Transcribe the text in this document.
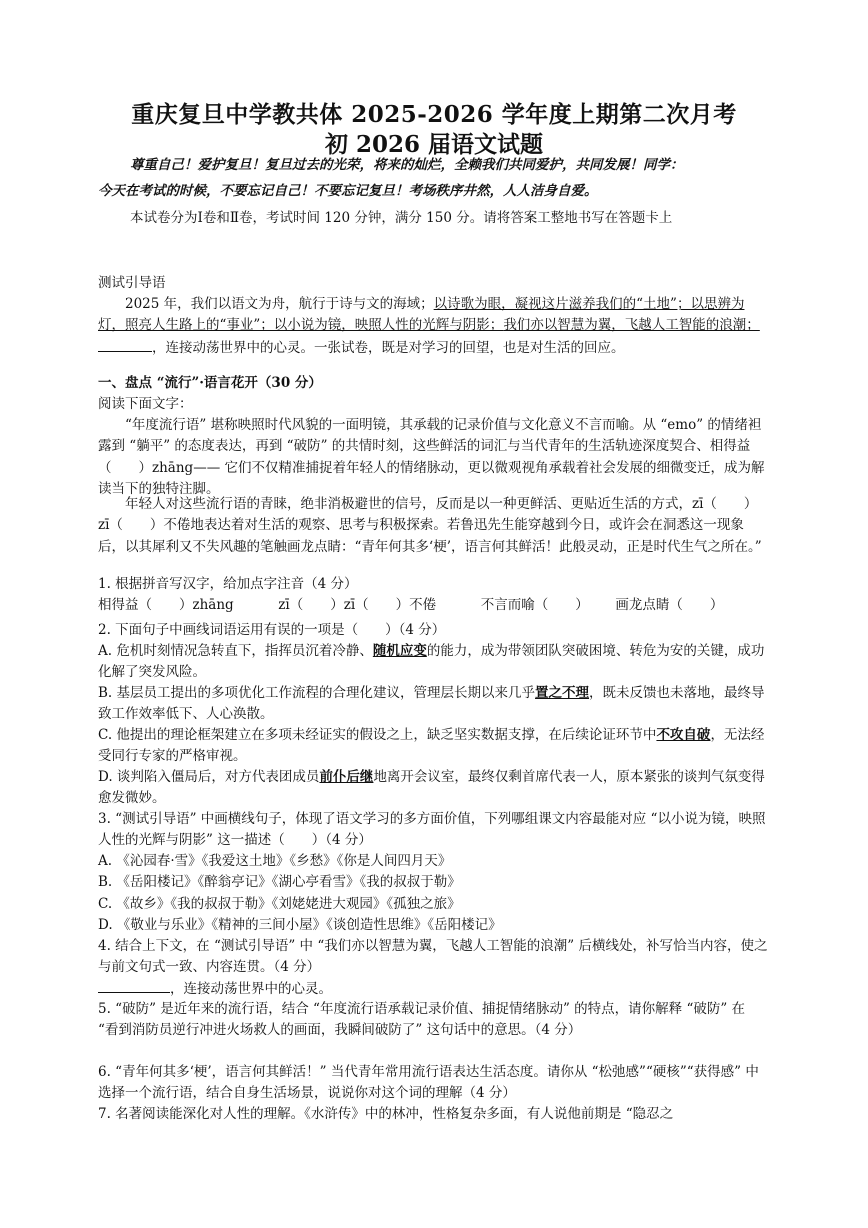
重庆复旦中学教共体 2025-2026 学年度上期第二次月考
初 2026 届语文试题
尊重自己！爱护复旦！复旦过去的光荣，将来的灿烂，全赖我们共同爱护，共同发展！同学：
今天在考试的时候，不要忘记自己！不要忘记复旦！考场秩序井然，人人洁身自爱。
本试卷分为Ⅰ卷和Ⅱ卷，考试时间 120 分钟，满分 150 分。请将答案工整地书写在答题卡上
测试引导语
2025 年，我们以语文为舟，航行于诗与文的海域；以诗歌为眼，凝视这片滋养我们的“土地”；以思辨为灯，照亮人生路上的“事业”；以小说为镜，映照人性的光辉与阴影；我们亦以智慧为翼，飞越人工智能的浪潮；，连接动荡世界中的心灵。一张试卷，既是对学习的回望，也是对生活的回应。
一、盘点 “流行”·语言花开（30 分）
阅读下面文字：
“年度流行语” 堪称映照时代风貌的一面明镜，其承载的记录价值与文化意义不言而喻。从 “emo” 的情绪袒露到 “躺平” 的态度表达，再到 “破防” 的共情时刻，这些鲜活的词汇与当代青年的生活轨迹深度契合、相得益（　　）zhāng—— 它们不仅精准捕捉着年轻人的情绪脉动，更以微观视角承载着社会发展的细微变迁，成为解读当下的独特注脚。
年轻人对这些流行语的青睐，绝非消极避世的信号，反而是以一种更鲜活、更贴近生活的方式，zī（　　）zī（　　）不倦地表达着对生活的观察、思考与积极探索。若鲁迅先生能穿越到今日，或许会在洞悉这一现象后，以其犀利又不失风趣的笔触画龙点睛：“青年何其多‘梗’，语言何其鲜活！此般灵动，正是时代生气之所在。”
1. 根据拼音写汉字，给加点字注音（4 分）
相得益（　　）zhāng	zī（　　）zī（　　）不倦	不言而喻（　　） 画龙点睛（　　）
2. 下面句子中画线词语运用有误的一项是（　　）（4 分）
A. 危机时刻情况急转直下，指挥员沉着冷静、随机应变的能力，成为带领团队突破困境、转危为安的关键，成功化解了突发风险。
B. 基层员工提出的多项优化工作流程的合理化建议，管理层长期以来几乎置之不理，既未反馈也未落地，最终导致工作效率低下、人心涣散。
C. 他提出的理论框架建立在多项未经证实的假设之上，缺乏坚实数据支撑，在后续论证环节中不攻自破，无法经受同行专家的严格审视。
D. 谈判陷入僵局后，对方代表团成员前仆后继地离开会议室，最终仅剩首席代表一人，原本紧张的谈判气氛变得愈发微妙。
3. “测试引导语” 中画横线句子，体现了语文学习的多方面价值，下列哪组课文内容最能对应 “以小说为镜，映照人性的光辉与阴影” 这一描述（　　）（4 分）
A. 《沁园春·雪》《我爱这土地》《乡愁》《你是人间四月天》
B. 《岳阳楼记》《醉翁亭记》《湖心亭看雪》《我的叔叔于勒》
C. 《故乡》《我的叔叔于勒》《刘姥姥进大观园》《孤独之旅》
D. 《敬业与乐业》《精神的三间小屋》《谈创造性思维》《岳阳楼记》
4. 结合上下文，在 “测试引导语” 中 “我们亦以智慧为翼，飞越人工智能的浪潮” 后横线处，补写恰当内容，使之与前文句式一致、内容连贯。（4 分）
，连接动荡世界中的心灵。
5. “破防” 是近年来的流行语，结合 “年度流行语承载记录价值、捕捉情绪脉动” 的特点，请你解释 “破防” 在 “看到消防员逆行冲进火场救人的画面，我瞬间破防了” 这句话中的意思。（4 分）
6. “青年何其多‘梗’，语言何其鲜活！” 当代青年常用流行语表达生活态度。请你从 “松弛感”“硬核”“获得感” 中选择一个流行语，结合自身生活场景，说说你对这个词的理解（4 分）
7. 名著阅读能深化对人性的理解。《水浒传》中的林冲，性格复杂多面，有人说他前期是 “隐忍之
